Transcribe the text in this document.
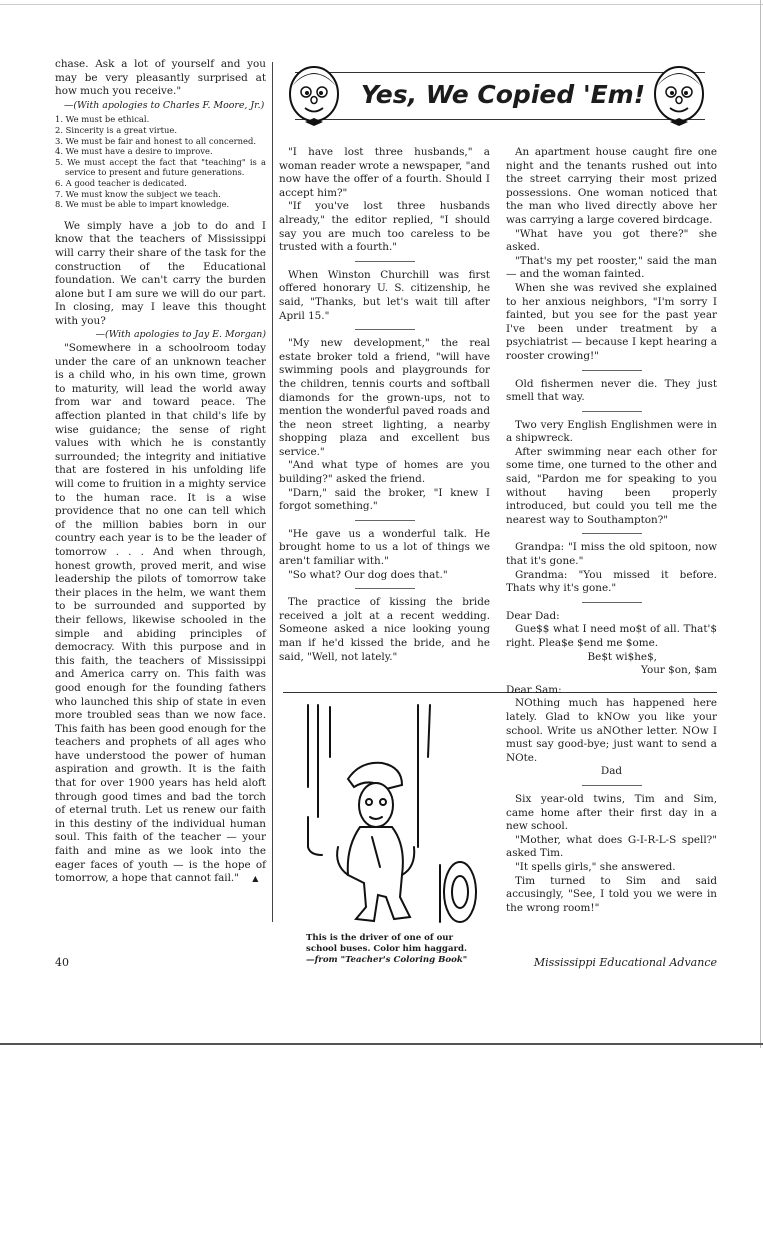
chase. Ask a lot of yourself and you may be very pleasantly surprised at how much you receive."

—(With apologies to Charles F. Moore, Jr.)

1. We must be ethical.
2. Sincerity is a great virtue.
3. We must be fair and honest to all concerned.
4. We must have a desire to improve.
5. We must accept the fact that "teaching" is a service to present and future generations.
6. A good teacher is dedicated.
7. We must know the subject we teach.
8. We must be able to impart knowledge.

We simply have a job to do and I know that the teachers of Mississippi will carry their share of the task for the construction of the Educational foundation. We can't carry the burden alone but I am sure we will do our part. In closing, may I leave this thought with you?

—(With apologies to Jay E. Morgan)

"Somewhere in a schoolroom today under the care of an unknown teacher is a child who, in his own time, grown to maturity, will lead the world away from war and toward peace. The affection planted in that child's life by wise guidance; the sense of right values with which he is constantly surrounded; the integrity and initiative that are fostered in his unfolding life will come to fruition in a mighty service to the human race. It is a wise providence that no one can tell which of the million babies born in our country each year is to be the leader of tomorrow . . . And when through, honest growth, proved merit, and wise leadership the pilots of tomorrow take their places in the helm, we want them to be surrounded and supported by their fellows, likewise schooled in the simple and abiding principles of democracy. With this purpose and in this faith, the teachers of Mississippi and America carry on. This faith was good enough for the founding fathers who launched this ship of state in even more troubled seas than we now face. This faith has been good enough for the teachers and prophets of all ages who have understood the power of human aspiration and growth. It is the faith that for over 1900 years has held aloft through good times and bad the torch of eternal truth. Let us renew our faith in this destiny of the individual human soul. This faith of the teacher — your faith and mine as we look into the eager faces of youth — is the hope of tomorrow, a hope that cannot fail." ▲

Yes, We Copied 'Em!

"I have lost three husbands," a woman reader wrote a newspaper, "and now have the offer of a fourth. Should I accept him?"

"If you've lost three husbands already," the editor replied, "I should say you are much too careless to be trusted with a fourth."

When Winston Churchill was first offered honorary U. S. citizenship, he said, "Thanks, but let's wait till after April 15."

"My new development," the real estate broker told a friend, "will have swimming pools and playgrounds for the children, tennis courts and softball diamonds for the grown-ups, not to mention the wonderful paved roads and the neon street lighting, a nearby shopping plaza and excellent bus service."

"And what type of homes are you building?" asked the friend.

"Darn," said the broker, "I knew I forgot something."

"He gave us a wonderful talk. He brought home to us a lot of things we aren't familiar with."

"So what? Our dog does that."

The practice of kissing the bride received a jolt at a recent wedding. Someone asked a nice looking young man if he'd kissed the bride, and he said, "Well, not lately."

This is the driver of one of our school buses. Color him haggard.
—from "Teacher's Coloring Book"

An apartment house caught fire one night and the tenants rushed out into the street carrying their most prized possessions. One woman noticed that the man who lived directly above her was carrying a large covered birdcage.

"What have you got there?" she asked.

"That's my pet rooster," said the man — and the woman fainted.

When she was revived she explained to her anxious neighbors, "I'm sorry I fainted, but you see for the past year I've been under treatment by a psychiatrist — because I kept hearing a rooster crowing!"

Old fishermen never die. They just smell that way.

Two very English Englishmen were in a shipwreck.

After swimming near each other for some time, one turned to the other and said, "Pardon me for speaking to you without having been properly introduced, but could you tell me the nearest way to Southampton?"

Grandpa: "I miss the old spitoon, now that it's gone."

Grandma: "You missed it before. Thats why it's gone."

Dear Dad:

Gue$$ what I need mo$t of all. That'$ right. Plea$e $end me $ome.

Be$t wi$he$,

Your $on, $am

Dear Sam:

NOthing much has happened here lately. Glad to kNOw you like your school. Write us aNOther letter. NOw I must say good-bye; just want to send a NOte.

Dad

Six year-old twins, Tim and Sim, came home after their first day in a new school.

"Mother, what does G-I-R-L-S spell?" asked Tim.

"It spells girls," she answered.

Tim turned to Sim and said accusingly, "See, I told you we were in the wrong room!"

40	Mississippi Educational Advance
